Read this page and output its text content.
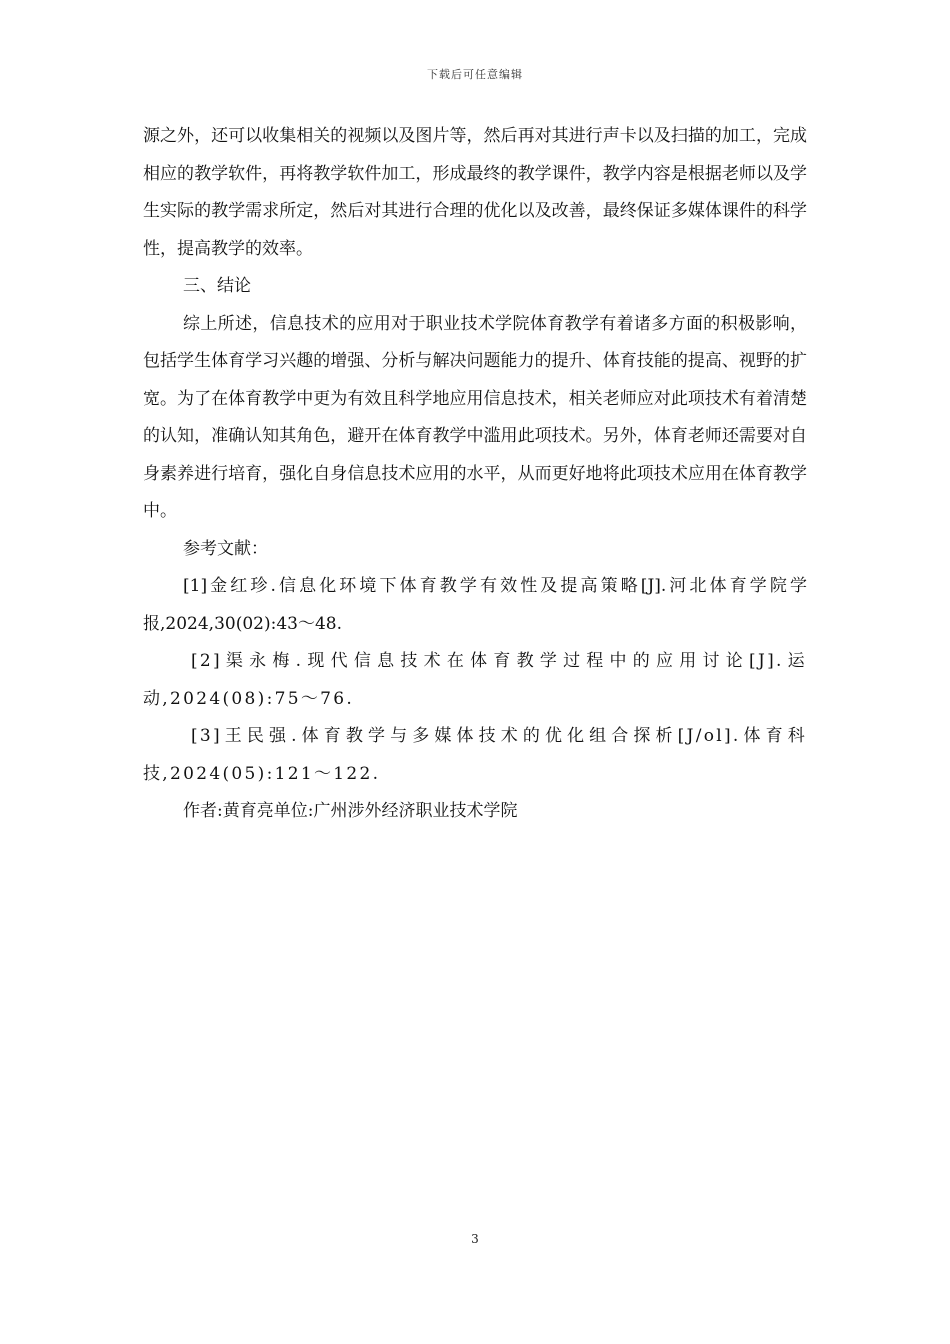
下载后可任意编辑

源之外，还可以收集相关的视频以及图片等，然后再对其进行声卡以及扫描的加工，完成相应的教学软件，再将教学软件加工，形成最终的教学课件，教学内容是根据老师以及学生实际的教学需求所定，然后对其进行合理的优化以及改善，最终保证多媒体课件的科学性，提高教学的效率。

三、结论

综上所述，信息技术的应用对于职业技术学院体育教学有着诸多方面的积极影响，包括学生体育学习兴趣的增强、分析与解决问题能力的提升、体育技能的提高、视野的扩宽。为了在体育教学中更为有效且科学地应用信息技术，相关老师应对此项技术有着清楚的认知，准确认知其角色，避开在体育教学中滥用此项技术。另外，体育老师还需要对自身素养进行培育，强化自身信息技术应用的水平，从而更好地将此项技术应用在体育教学中。

参考文献：

[1]金红珍.信息化环境下体育教学有效性及提高策略[J].河北体育学院学报,2024,30(02):43～48.

[2]渠永梅.现代信息技术在体育教学过程中的应用讨论[J].运动,2024(08):75～76.

[3]王民强.体育教学与多媒体技术的优化组合探析[J/ol].体育科技,2024(05):121～122.

作者:黄育亮单位:广州涉外经济职业技术学院

3
